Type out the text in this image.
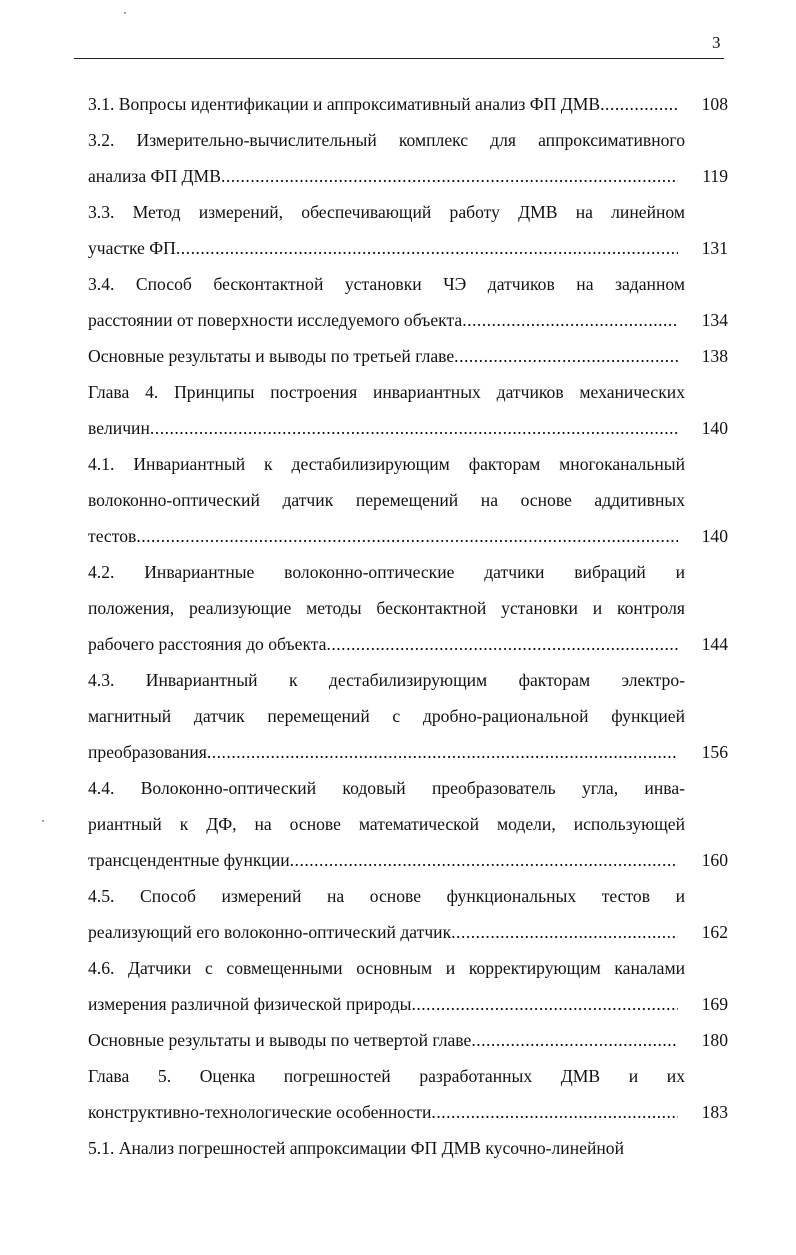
3
3.1. Вопросы идентификации и аппроксимативный анализ ФП ДМВ .....	108
3.2. Измерительно-вычислительный комплекс для аппроксимативного
анализа ФП ДМВ .....	119
3.3. Метод измерений, обеспечивающий работу ДМВ на линейном
участке ФП .....	131
3.4. Способ бесконтактной установки ЧЭ датчиков на заданном
расстоянии от поверхности исследуемого объекта .....	134
Основные результаты и выводы по третьей главе .....	138
Глава 4. Принципы построения инвариантных датчиков механических
величин .....	140
4.1. Инвариантный к дестабилизирующим факторам многоканальный
волоконно-оптический датчик перемещений на основе аддитивных
тестов .....	140
4.2. Инвариантные волоконно-оптические датчики вибраций и
положения, реализующие методы бесконтактной установки и контроля
рабочего расстояния до объекта .....	144
4.3. Инвариантный к дестабилизирующим факторам электро-
магнитный датчик перемещений с дробно-рациональной функцией
преобразования .....	156
4.4. Волоконно-оптический кодовый преобразователь угла, инва-
риантный к ДФ, на основе математической модели, использующей
трансцендентные функции .....	160
4.5. Способ измерений на основе функциональных тестов и
реализующий его волоконно-оптический датчик .....	162
4.6. Датчики с совмещенными основным и корректирующим каналами
измерения различной физической природы .....	169
Основные результаты и выводы по четвертой главе .....	180
Глава 5. Оценка погрешностей разработанных ДМВ и их
конструктивно-технологические особенности .....	183
5.1. Анализ погрешностей аппроксимации ФП ДМВ кусочно-линейной
